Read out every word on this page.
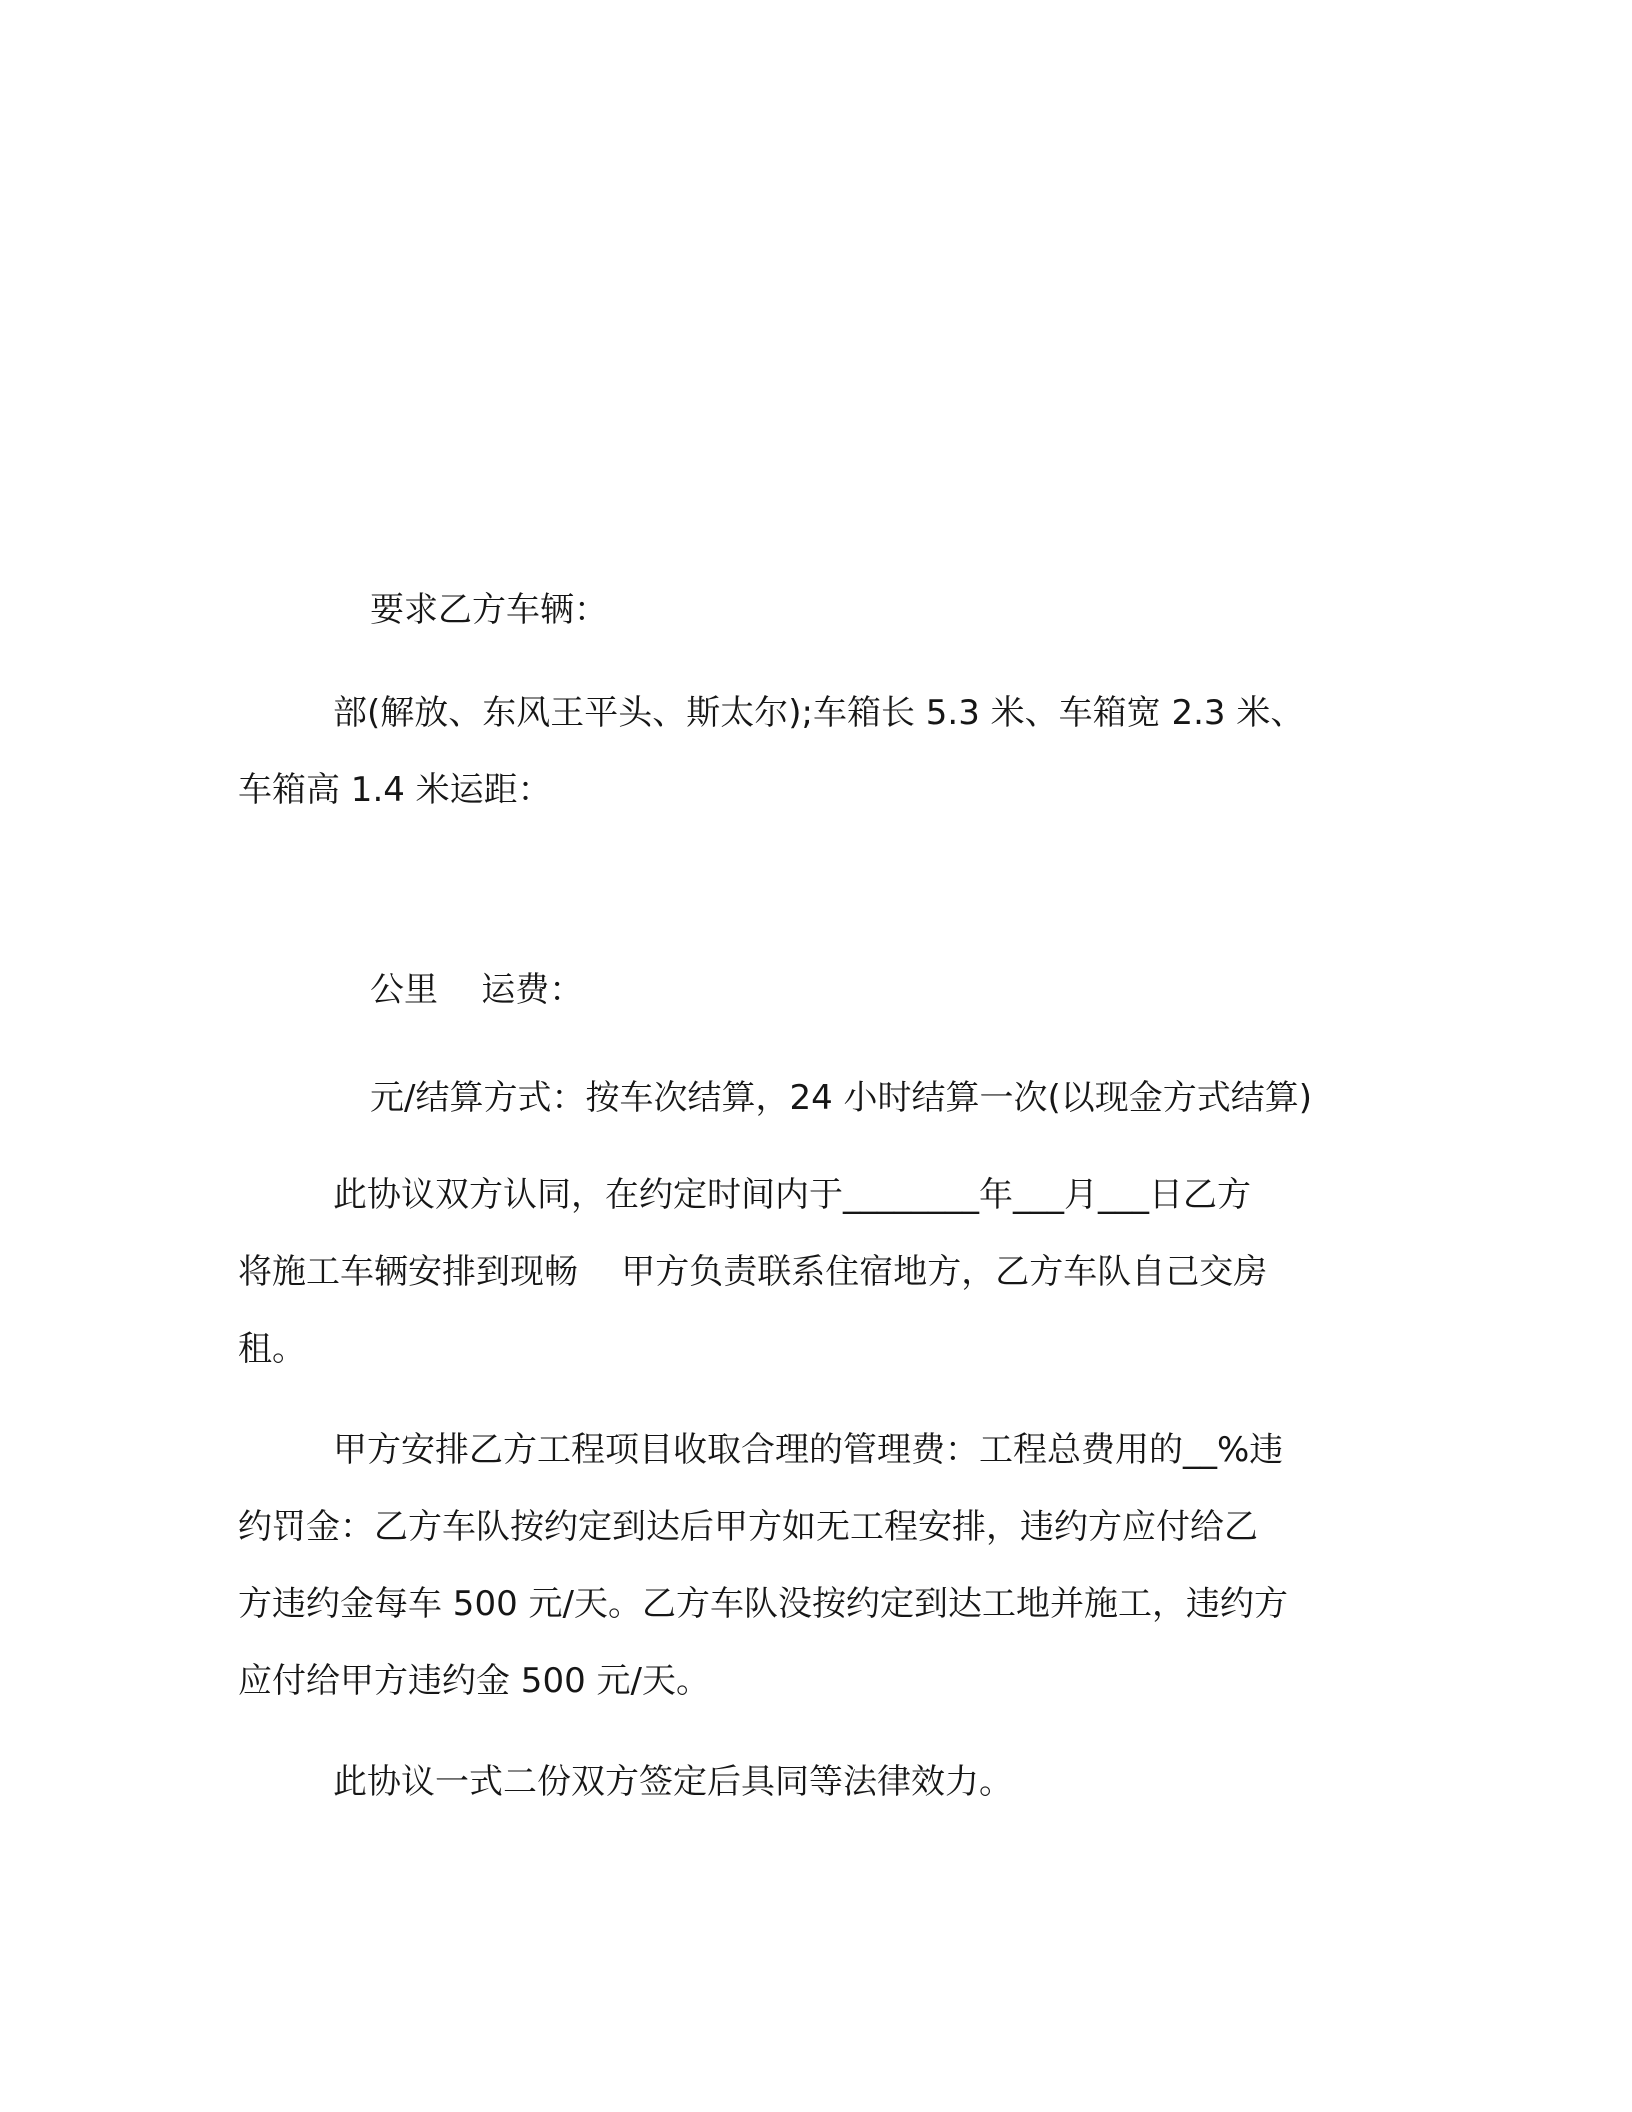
要求乙方车辆：
部(解放、东风王平头、斯太尔);车箱长 5.3 米、车箱宽 2.3 米、
车箱高 1.4 米运距：
公里    运费：
元/结算方式：按车次结算，24 小时结算一次(以现金方式结算)
此协议双方认同，在约定时间内于________年___月___日乙方
将施工车辆安排到现畅    甲方负责联系住宿地方，乙方车队自己交房
租。
甲方安排乙方工程项目收取合理的管理费：工程总费用的__%违
约罚金：乙方车队按约定到达后甲方如无工程安排，违约方应付给乙
方违约金每车 500 元/天。乙方车队没按约定到达工地并施工，违约方
应付给甲方违约金 500 元/天。
此协议一式二份双方签定后具同等法律效力。
